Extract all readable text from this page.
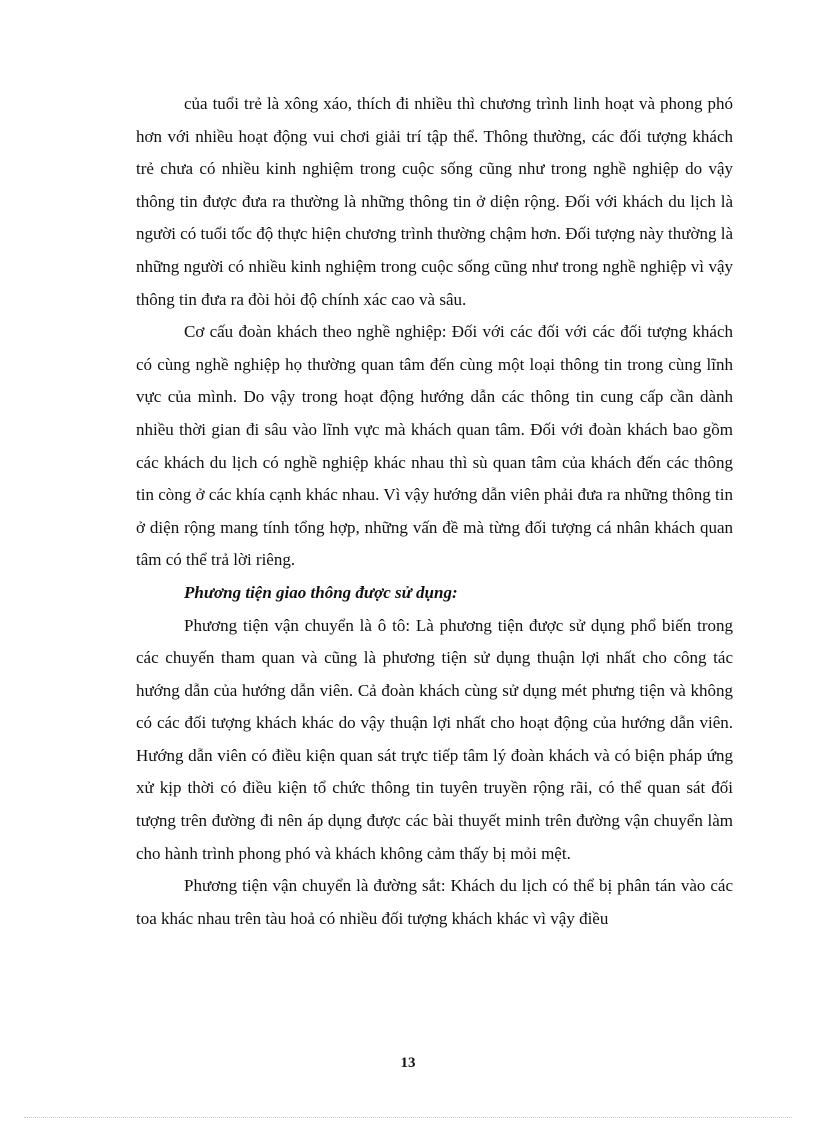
của tuổi trẻ là xông xáo, thích đi nhiều thì chương trình linh hoạt và phong phó hơn với nhiều hoạt động vui chơi giải trí tập thể. Thông thường, các đối tượng khách trẻ chưa có nhiều kinh nghiệm trong cuộc sống cũng như trong nghề nghiệp do vậy thông tin được đưa ra thường là những thông tin ở diện rộng. Đối với khách du lịch là người có tuổi tốc độ thực hiện chương trình thường chậm hơn. Đối tượng này thường là những người có nhiều kinh nghiệm trong cuộc sống cũng như trong nghề nghiệp vì vậy thông tin đưa ra đòi hỏi độ chính xác cao và sâu.

Cơ cấu đoàn khách theo nghề nghiệp: Đối với các đối với các đối tượng khách có cùng nghề nghiệp họ thường quan tâm đến cùng một loại thông tin trong cùng lĩnh vực của mình. Do vậy trong hoạt động hướng dẫn các thông tin cung cấp cần dành nhiều thời gian đi sâu vào lĩnh vực mà khách quan tâm. Đối với đoàn khách bao gồm các khách du lịch có nghề nghiệp khác nhau thì sù quan tâm của khách đến các thông tin còng ở các khía cạnh khác nhau. Vì vậy hướng dẫn viên phải đưa ra những thông tin ở diện rộng mang tính tổng hợp, những vấn đề mà từng đối tượng cá nhân khách quan tâm có thể trả lời riêng.

Phương tiện giao thông được sử dụng:

Phương tiện vận chuyển là ô tô: Là phương tiện được sử dụng phổ biến trong các chuyến tham quan và cũng là phương tiện sử dụng thuận lợi nhất cho công tác hướng dẫn của hướng dẫn viên. Cả đoàn khách cùng sử dụng mét phưng tiện và không có các đối tượng khách khác do vậy thuận lợi nhất cho hoạt động của hướng dẫn viên. Hướng dẫn viên có điều kiện quan sát trực tiếp tâm lý đoàn khách và có biện pháp ứng xử kịp thời có điều kiện tổ chức thông tin tuyên truyền rộng rãi, có thể quan sát đối tượng trên đường đi nên áp dụng được các bài thuyết minh trên đường vận chuyển làm cho hành trình phong phó và khách không cảm thấy bị mỏi mệt.

Phương tiện vận chuyển là đường sắt: Khách du lịch có thể bị phân tán vào các toa khác nhau trên tàu hoả có nhiều đối tượng khách khác vì vậy điều

13
